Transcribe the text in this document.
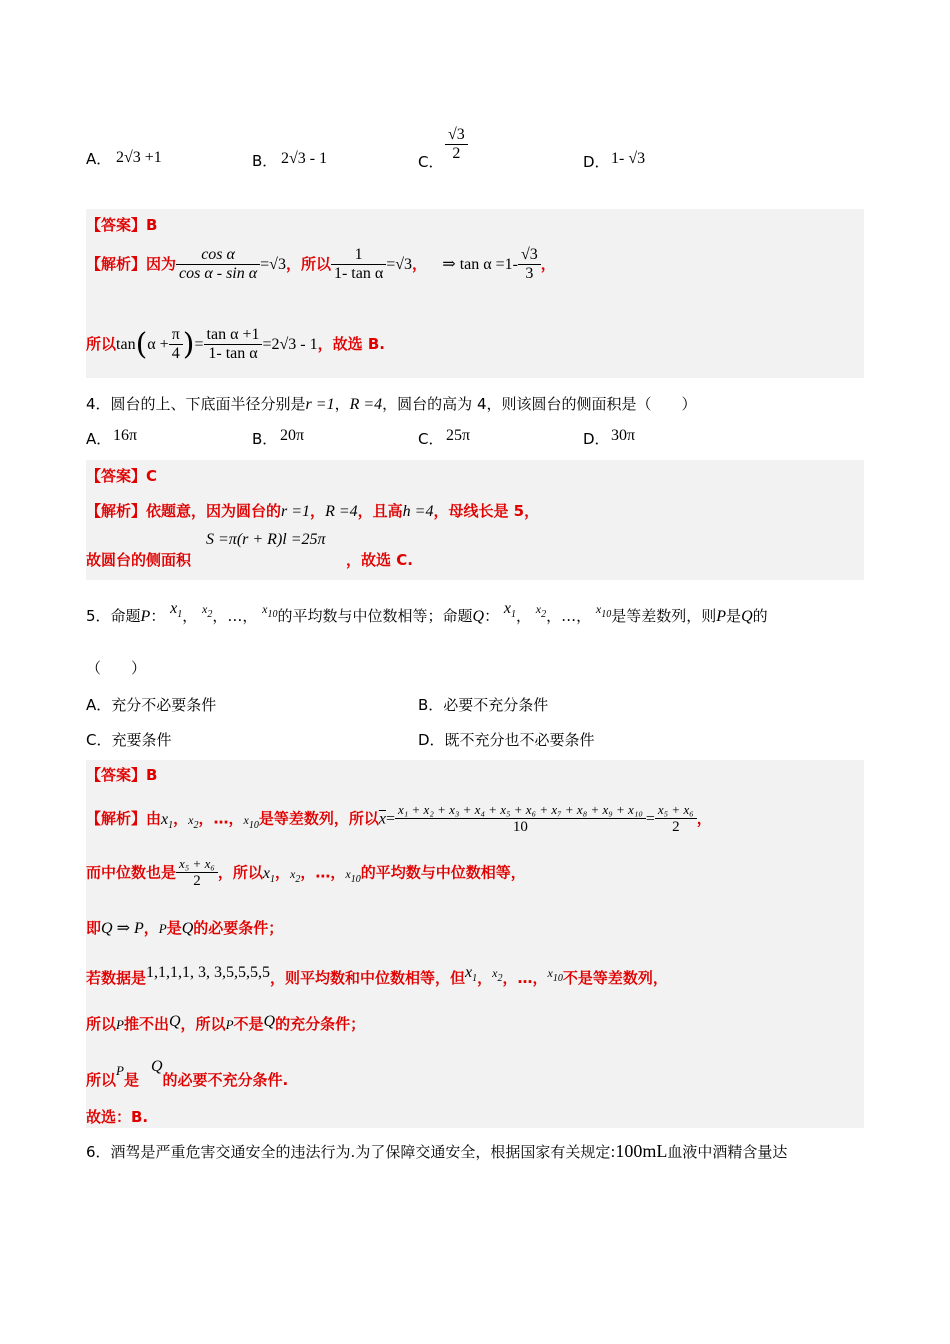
A． 2√3 +1	B． 2√3 - 1	C． $\frac{√3}{2}$	D． 1- √3
【答案】B
【解析】因为 $\frac{\text{cos α}}{\text{cos α - sin α}} =√3$，所以 $\frac{1}{\text{1- tan α}} =√3$， ⇒ $\tan \alpha =1- \frac{√3}{3}$ ，
所以$\tan(\alpha + \frac{\pi}{4}$ )= $\frac{\text{tan α +1}}{\text{1- tan α}} =2√3 - 1$，故选 B.
4．圆台的上、下底面半径分别是r =1，R =4，圆台的高为 4，则该圆台的侧面积是（　　）
A． 16π	B． 20π	C． 25π	D． 30π
【答案】C
【解析】依题意，因为圆台的r =1，R =4，且高h =4，母线长是 5，
故圆台的侧面积
S =π(r + R)l =25π
，故选 C.
5．命题P： $x_1$， $^{x_2}$，…， $^{x_{10}}$的平均数与中位数相等；命题Q： $x_1$， $^{x_2}$，…， $^{x_{10}}$是等差数列，则P是Q的
（　　）
A．充分不必要条件	B．必要不充分条件
C．充要条件	D．既不充分也不必要条件
【答案】B
【解析】由$x_1$，$x_2$，…，$x_{10}$是等差数列，所以$\overline{x}= \frac{\text{x₁ + x₂ + x₃ + x₄ + x₅ + x₆ + x₇ + x₈ + x₉ + x₁₀}}{10} = \frac{\text{x₅ + x₆}}{2}$ ，
而中位数也是 $\frac{\text{x₅ + x₆}}{2}$ ，所以$x_1$，$x_2$，…，$x_{10}$的平均数与中位数相等，
即Q ⇒ P，P是Q的必要条件；
若数据是1,1,1,1, 3, 3,5,5,5,5，则平均数和中位数相等，但$x_1$，$^{x_2}$，…，$^{x_{10}}$不是等差数列，
所以P推不出Q，所以P不是Q的充分条件；
所以P是Q的必要不充分条件.
故选：B.
6．酒驾是严重危害交通安全的违法行为.为了保障交通安全，根据国家有关规定:100mL血液中酒精含量达
